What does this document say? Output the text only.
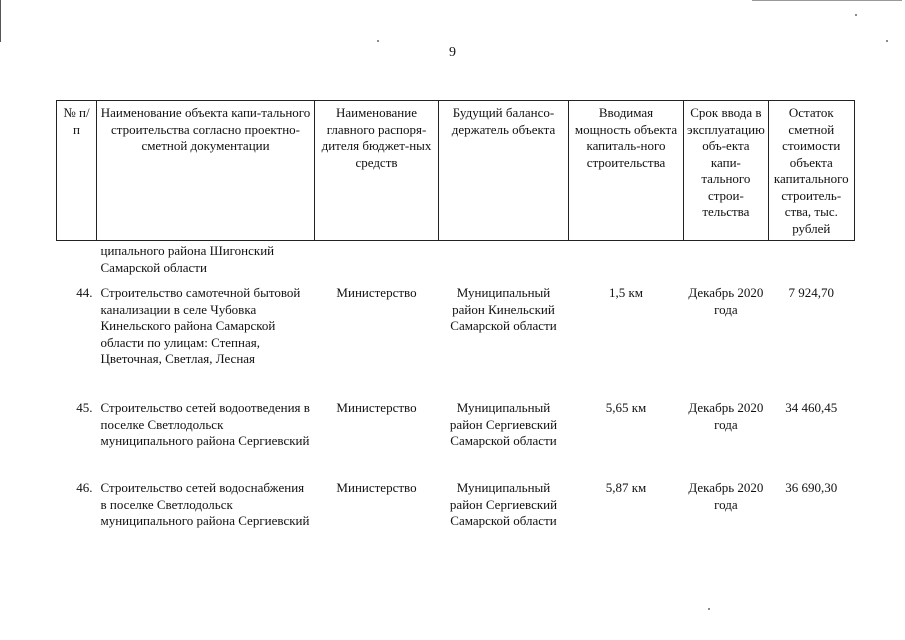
9
№ п/п	Наименование объекта капи-тального строительства согласно проектно-сметной документации	Наименование главного распоря-дителя бюджет-ных средств	Будущий балансо-держатель объекта	Вводимая мощность объекта капиталь-ного строительства	Срок ввода в эксплуатацию объ-екта капи-тального строи-тельства	Остаток сметной стоимости объекта капитального строитель-ства, тыс. рублей
	ципального района Шигонский Самарской области					
44.	Строительство самотечной бытовой канализации в селе Чубовка Кинельского района Самарской области по улицам: Степная, Цветочная, Светлая, Лесная	Министерство	Муниципальный район Кинельский Самарской области	1,5 км	Декабрь 2020 года	7 924,70
45.	Строительство сетей водоотведения в поселке Светлодольск муниципального района Сергиевский	Министерство	Муниципальный район Сергиевский Самарской области	5,65 км	Декабрь 2020 года	34 460,45
46.	Строительство сетей водоснабжения в поселке Светлодольск муниципального района Сергиевский	Министерство	Муниципальный район Сергиевский Самарской области	5,87 км	Декабрь 2020 года	36 690,30
